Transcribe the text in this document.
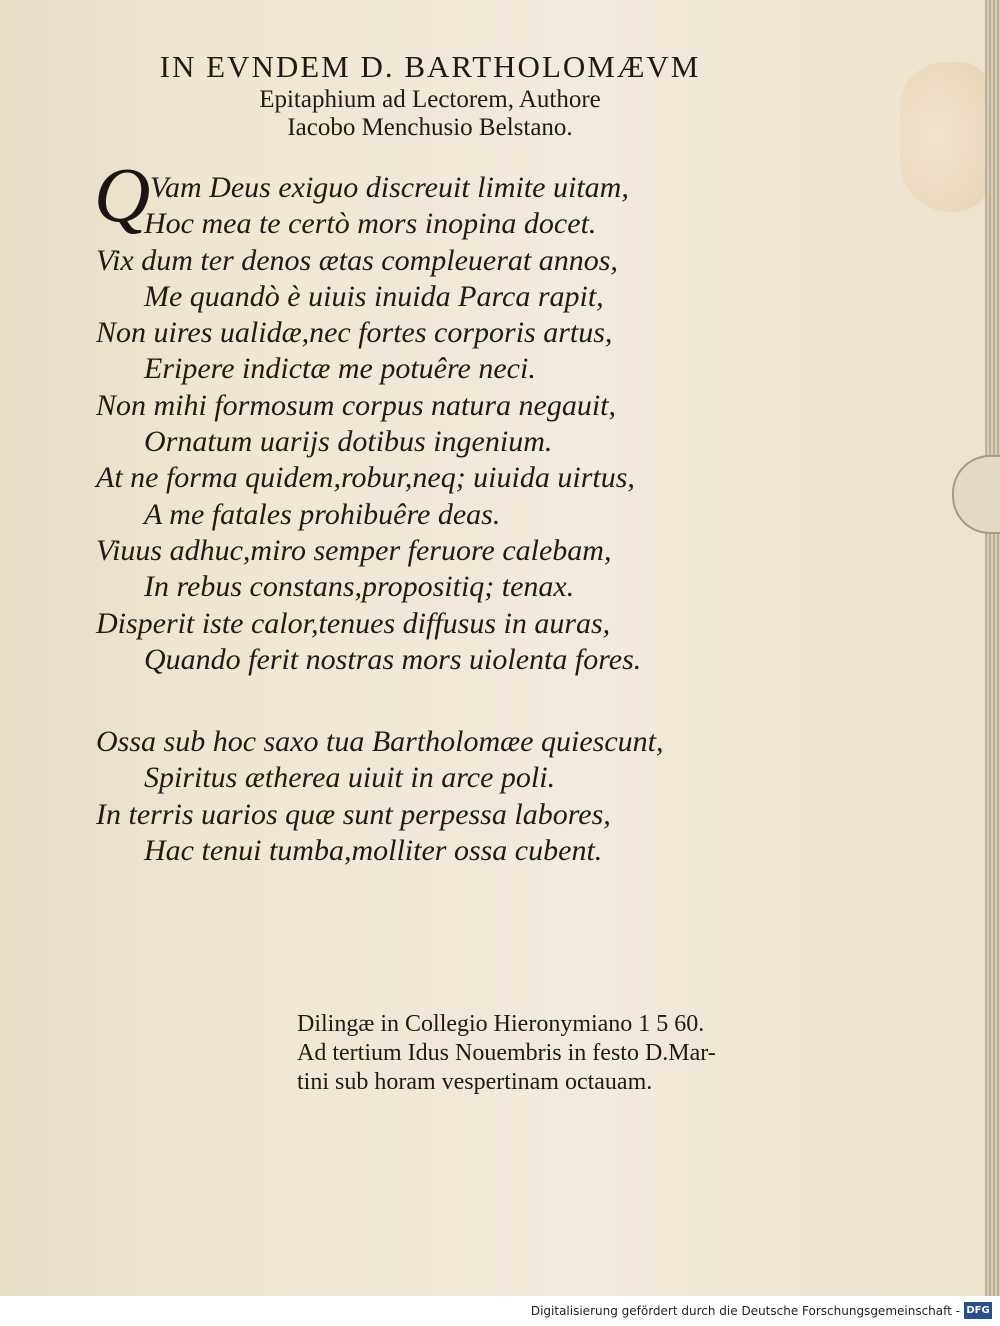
IN EVNDEM D. BARTHOLOMÆVM
Epitaphium ad Lectorem, Authore
Iacobo Menchusio Belstano.
Q Vam Deus exiguo discreuit limite uitam,
Hoc mea te certò mors inopina docet.
Vix dum ter denos ætas compleuerat annos,
Me quandò è uiuis inuida Parca rapit,
Non uires ualidæ,nec fortes corporis artus,
Eripere indictæ me potuêre neci.
Non mihi formosum corpus natura negauit,
Ornatum uarijs dotibus ingenium.
At ne forma quidem,robur,neq; uiuida uirtus,
A me fatales prohibuêre deas.
Viuus adhuc,miro semper feruore calebam,
In rebus constans,propositiq; tenax.
Disperit iste calor,tenues diffusus in auras,
Quando ferit nostras mors uiolenta fores.
Ossa sub hoc saxo tua Bartholomæe quiescunt,
Spiritus ætherea uiuit in arce poli.
In terris uarios quæ sunt perpessa labores,
Hac tenui tumba,molliter ossa cubent.
Dilingæ in Collegio Hieronymiano 1 5 60.
Ad tertium Idus Nouembris in festo D.Mar-
tini sub horam vespertinam octauam.
Digitalisierung gefördert durch die Deutsche Forschungsgemeinschaft - DFG
